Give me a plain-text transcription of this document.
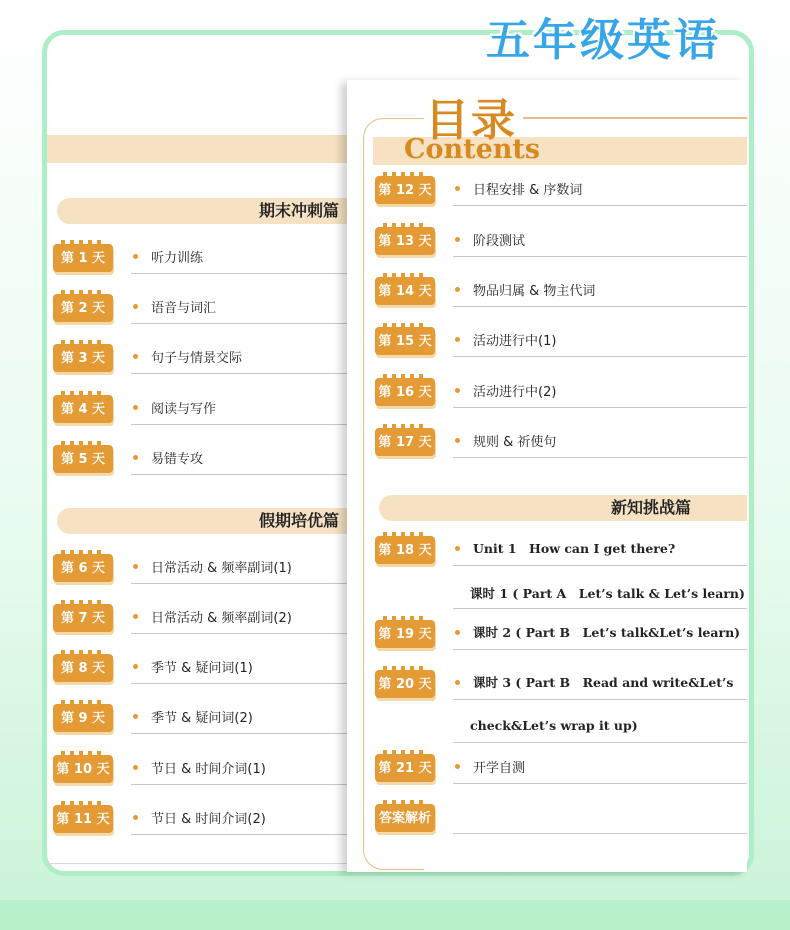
五年级英语
期末冲刺篇
第 1 天	听力训练
第 2 天	语音与词汇
第 3 天	句子与情景交际
第 4 天	阅读与写作
第 5 天	易错专攻
假期培优篇
第 6 天	日常活动 & 频率副词(1)
第 7 天	日常活动 & 频率副词(2)
第 8 天	季节 & 疑问词(1)
第 9 天	季节 & 疑问词(2)
第 10 天	节日 & 时间介词(1)
第 11 天	节日 & 时间介词(2)
目录
Contents
第 12 天	日程安排 & 序数词
第 13 天	阶段测试
第 14 天	物品归属 & 物主代词
第 15 天	活动进行中(1)
第 16 天	活动进行中(2)
第 17 天	规则 & 祈使句
新知挑战篇
第 18 天	Unit 1　How can I get there?
课时 1 ( Part A　Let’s talk & Let’s learn)
第 19 天	课时 2 ( Part B　Let’s talk&Let’s learn)
第 20 天	课时 3 ( Part B　Read and write&Let’s
check&Let’s wrap it up)
第 21 天	开学自测
答案解析
